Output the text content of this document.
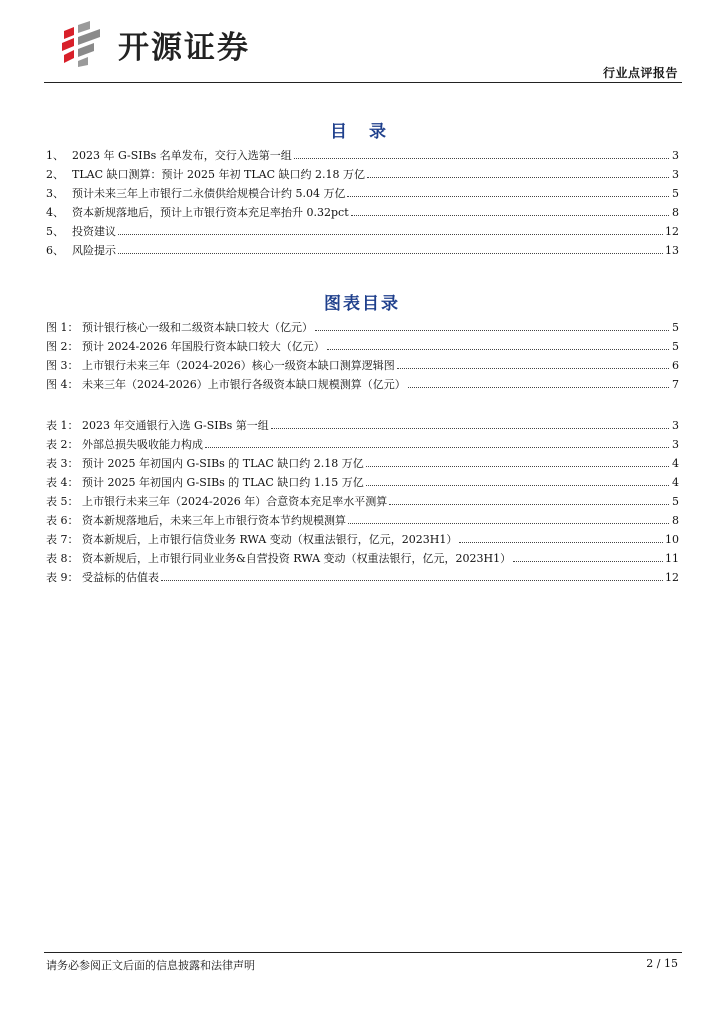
开源证券
行业点评报告
目 录
1、 2023 年 G-SIBs 名单发布，交行入选第一组	3
2、 TLAC 缺口测算：预计 2025 年初 TLAC 缺口约 2.18 万亿	3
3、 预计未来三年上市银行二永债供给规模合计约 5.04 万亿	5
4、 资本新规落地后，预计上市银行资本充足率抬升 0.32pct	8
5、 投资建议	12
6、 风险提示	13
图表目录
图 1： 预计银行核心一级和二级资本缺口较大（亿元）	5
图 2： 预计 2024-2026 年国股行资本缺口较大（亿元）	5
图 3： 上市银行未来三年（2024-2026）核心一级资本缺口测算逻辑图	6
图 4： 未来三年（2024-2026）上市银行各级资本缺口规模测算（亿元）	7
表 1： 2023 年交通银行入选 G-SIBs 第一组	3
表 2： 外部总损失吸收能力构成	3
表 3： 预计 2025 年初国内 G-SIBs 的 TLAC 缺口约 2.18 万亿	4
表 4： 预计 2025 年初国内 G-SIBs 的 TLAC 缺口约 1.15 万亿	4
表 5： 上市银行未来三年（2024-2026 年）合意资本充足率水平测算	5
表 6： 资本新规落地后，未来三年上市银行资本节约规模测算	8
表 7： 资本新规后，上市银行信贷业务 RWA 变动（权重法银行，亿元，2023H1）	10
表 8： 资本新规后，上市银行同业业务&自营投资 RWA 变动（权重法银行，亿元，2023H1）	11
表 9： 受益标的估值表	12
请务必参阅正文后面的信息披露和法律声明	2 / 15
